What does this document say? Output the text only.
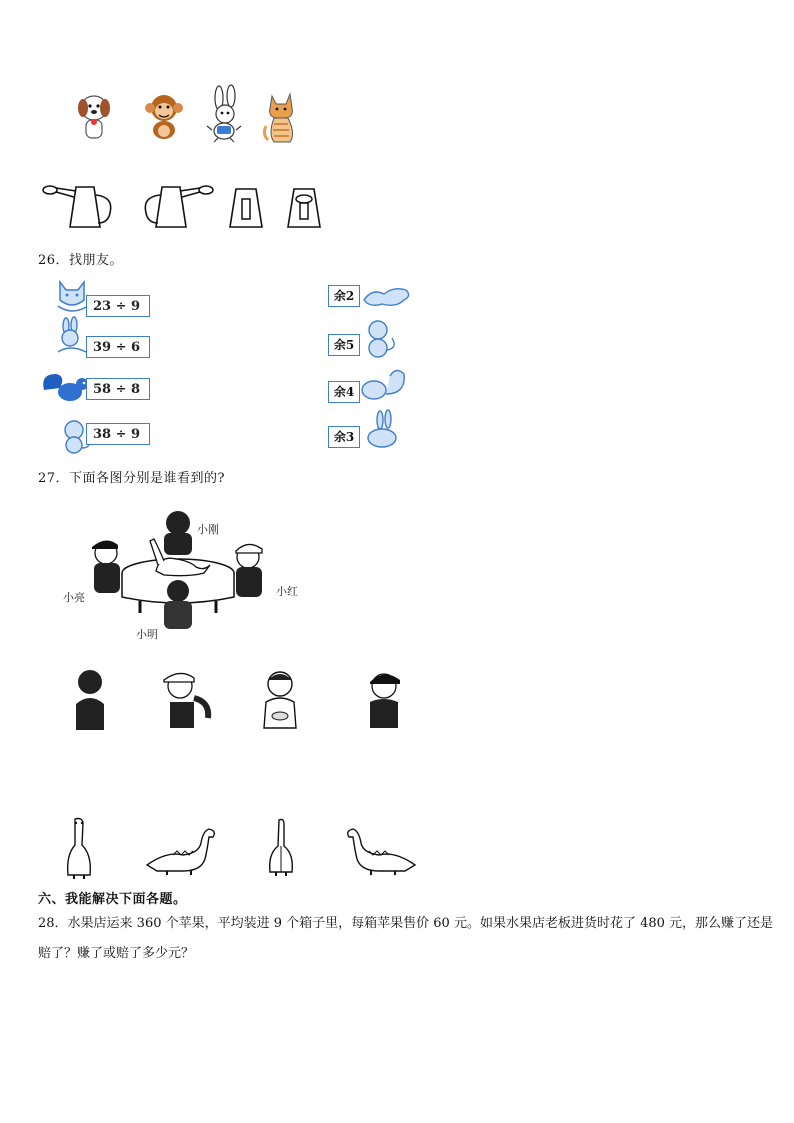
26．找朋友。
23 ÷ 9
39 ÷ 6
58 ÷ 8
38 ÷ 9
余2
余5
余4
余3
27．下面各图分别是谁看到的?
小刚
小亮	小红
小明
六、我能解决下面各题。
28．水果店运来 360 个苹果，平均装进 9 个箱子里，每箱苹果售价 60 元。如果水果店老板进货时花了 480 元，那么赚了还是赔了？赚了或赔了多少元？
